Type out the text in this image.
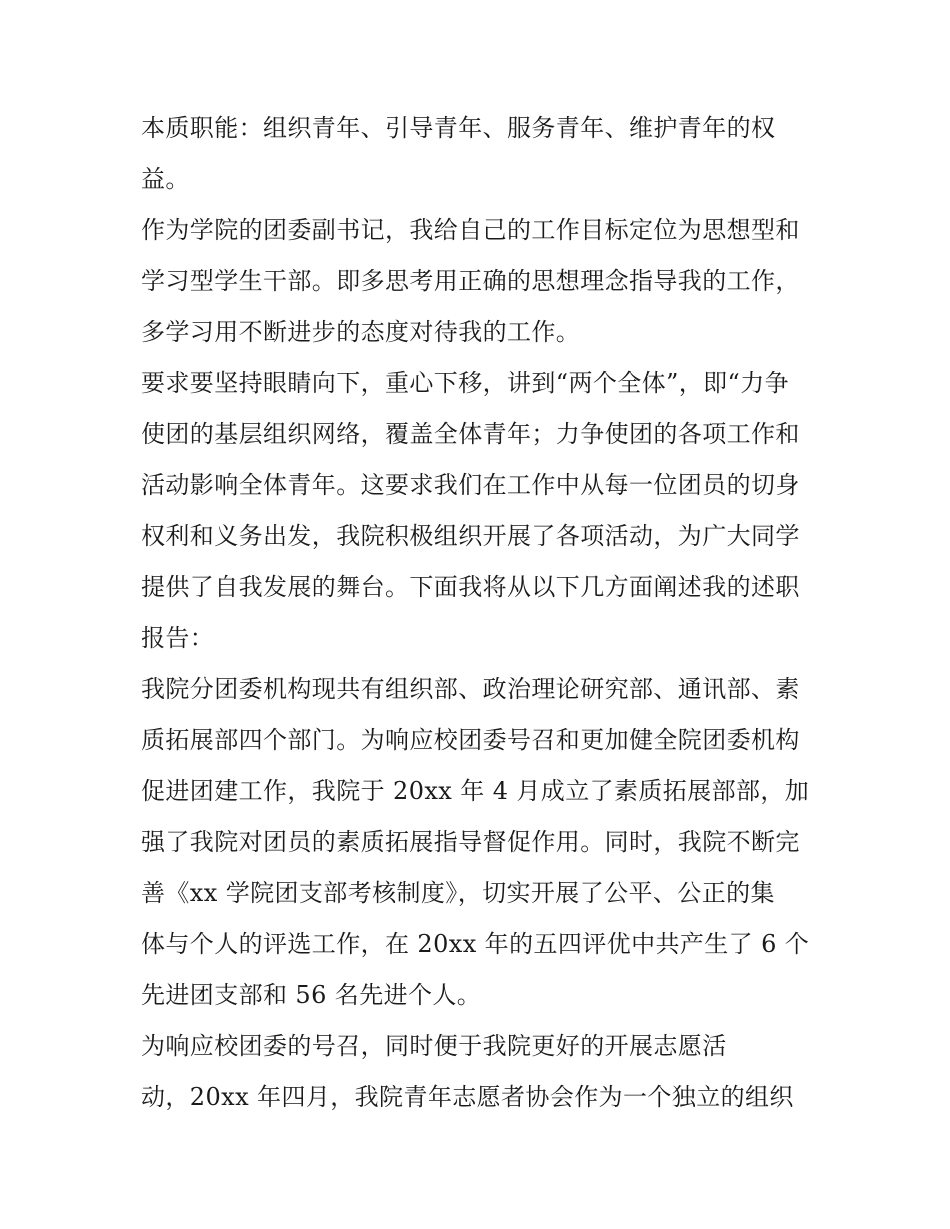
本质职能：组织青年、引导青年、服务青年、维护青年的权
益。
作为学院的团委副书记，我给自己的工作目标定位为思想型和
学习型学生干部。即多思考用正确的思想理念指导我的工作，
多学习用不断进步的态度对待我的工作。
要求要坚持眼睛向下，重心下移，讲到“两个全体”，即“力争
使团的基层组织网络，覆盖全体青年；力争使团的各项工作和
活动影响全体青年。这要求我们在工作中从每一位团员的切身
权利和义务出发，我院积极组织开展了各项活动，为广大同学
提供了自我发展的舞台。下面我将从以下几方面阐述我的述职
报告：
我院分团委机构现共有组织部、政治理论研究部、通讯部、素
质拓展部四个部门。为响应校团委号召和更加健全院团委机构
促进团建工作，我院于 20xx 年 4 月成立了素质拓展部部，加
强了我院对团员的素质拓展指导督促作用。同时，我院不断完
善《xx 学院团支部考核制度》，切实开展了公平、公正的集
体与个人的评选工作，在 20xx 年的五四评优中共产生了 6 个
先进团支部和 56 名先进个人。
为响应校团委的号召，同时便于我院更好的开展志愿活
动，20xx 年四月，我院青年志愿者协会作为一个独立的组织
